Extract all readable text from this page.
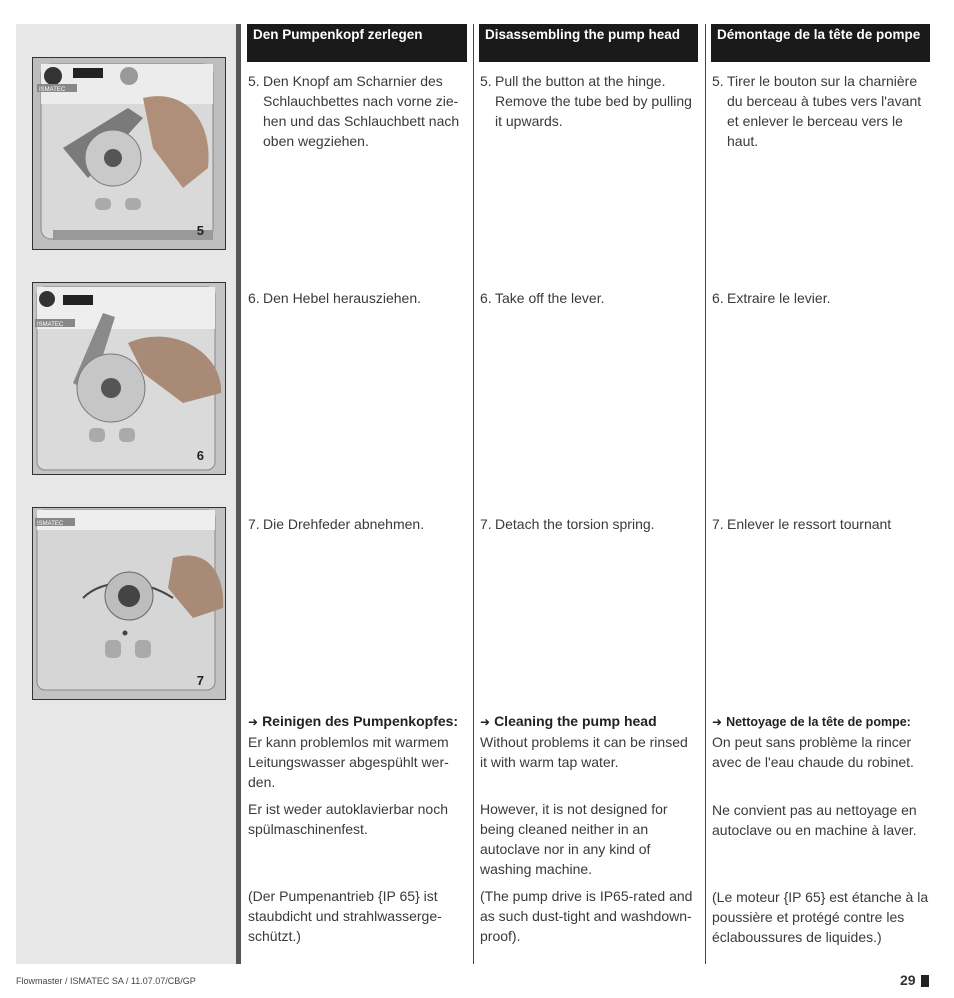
ISMATEC
5
ISMATEC
6
ISMATEC
7
Den Pumpenkopf zerlegen	Disassembling the pump head	Démontage de la tête de pompe
5. Den Knopf am Scharnier des Schlauchbettes nach vorne zie-hen und das Schlauchbett nach oben wegziehen.
6. Den Hebel herausziehen.
7. Die Drehfeder abnehmen.
➜ Reinigen des Pumpenkopfes:
Er kann problemlos mit warmem Leitungswasser abgespühlt wer-den.
Er ist weder autoklavierbar noch spülmaschinenfest.
(Der Pumpenantrieb {IP 65} ist staubdicht und strahlwasserge-schützt.)
5. Pull the button at the hinge. Remove the tube bed by pulling it upwards.
6. Take off the lever.
7. Detach the torsion spring.
➜ Cleaning the pump head
Without problems it can be rinsed it with warm tap water.
However, it is not designed for being cleaned neither in an autoclave nor in any kind of washing machine.
(The pump drive is IP65-rated and as such dust-tight and washdown-proof).
5. Tirer le bouton sur la charnière du berceau à tubes vers l'avant et enlever le berceau vers le haut.
6. Extraire le levier.
7. Enlever le ressort tournant
➜ Nettoyage de la tête de pompe:
On peut sans problème la rincer avec de l'eau chaude du robinet.
Ne convient pas au nettoyage en autoclave ou en machine à laver.
(Le moteur {IP 65} est étanche à la poussière et protégé contre les éclaboussures de liquides.)
Flowmaster / ISMATEC SA / 11.07.07/CB/GP	29
